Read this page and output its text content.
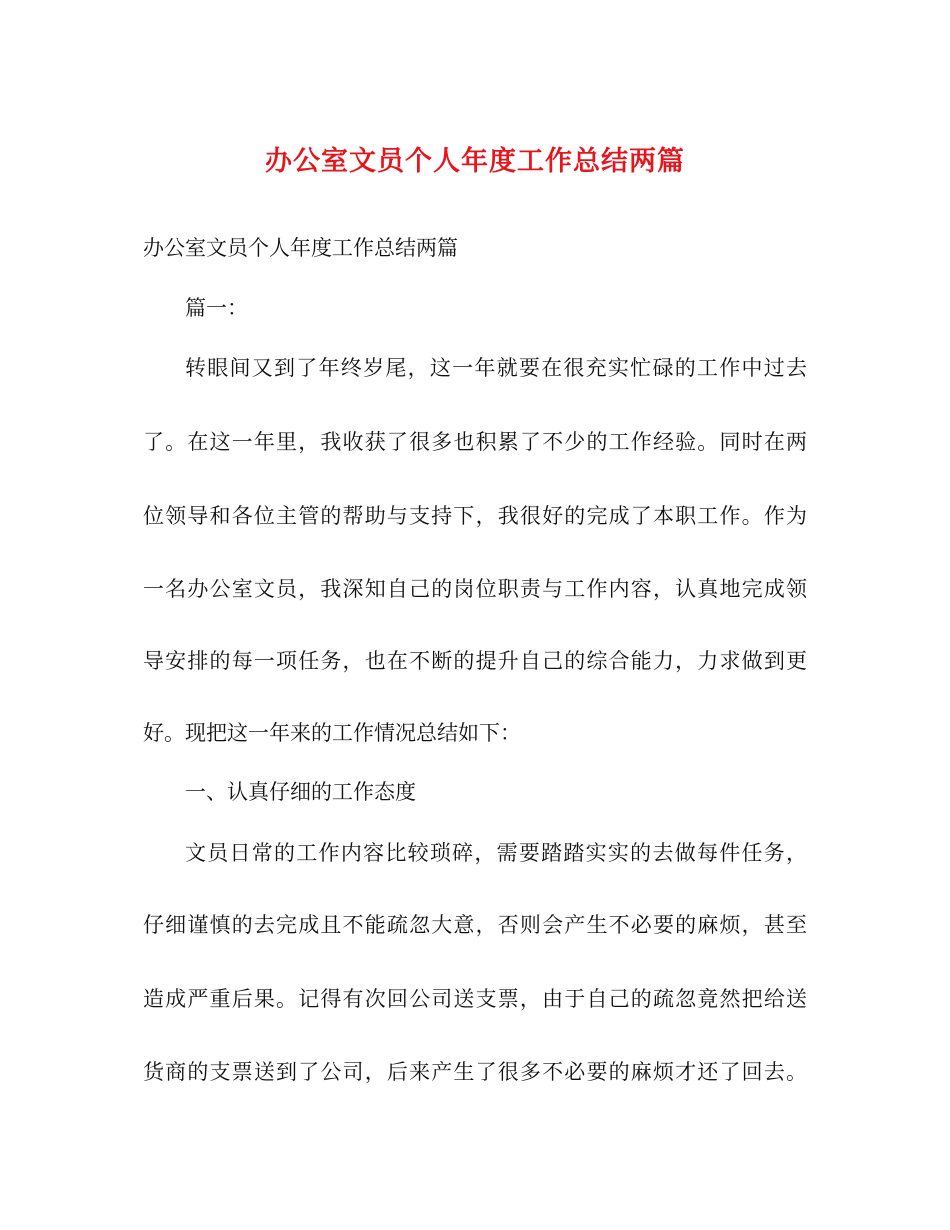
办公室文员个人年度工作总结两篇
办公室文员个人年度工作总结两篇
篇一：
转眼间又到了年终岁尾，这一年就要在很充实忙碌的工作中过去
了。在这一年里，我收获了很多也积累了不少的工作经验。同时在两
位领导和各位主管的帮助与支持下，我很好的完成了本职工作。作为
一名办公室文员，我深知自己的岗位职责与工作内容，认真地完成领
导安排的每一项任务，也在不断的提升自己的综合能力，力求做到更
好。现把这一年来的工作情况总结如下：
一、认真仔细的工作态度
文员日常的工作内容比较琐碎，需要踏踏实实的去做每件任务，
仔细谨慎的去完成且不能疏忽大意，否则会产生不必要的麻烦，甚至
造成严重后果。记得有次回公司送支票，由于自己的疏忽竟然把给送
货商的支票送到了公司，后来产生了很多不必要的麻烦才还了回去。
